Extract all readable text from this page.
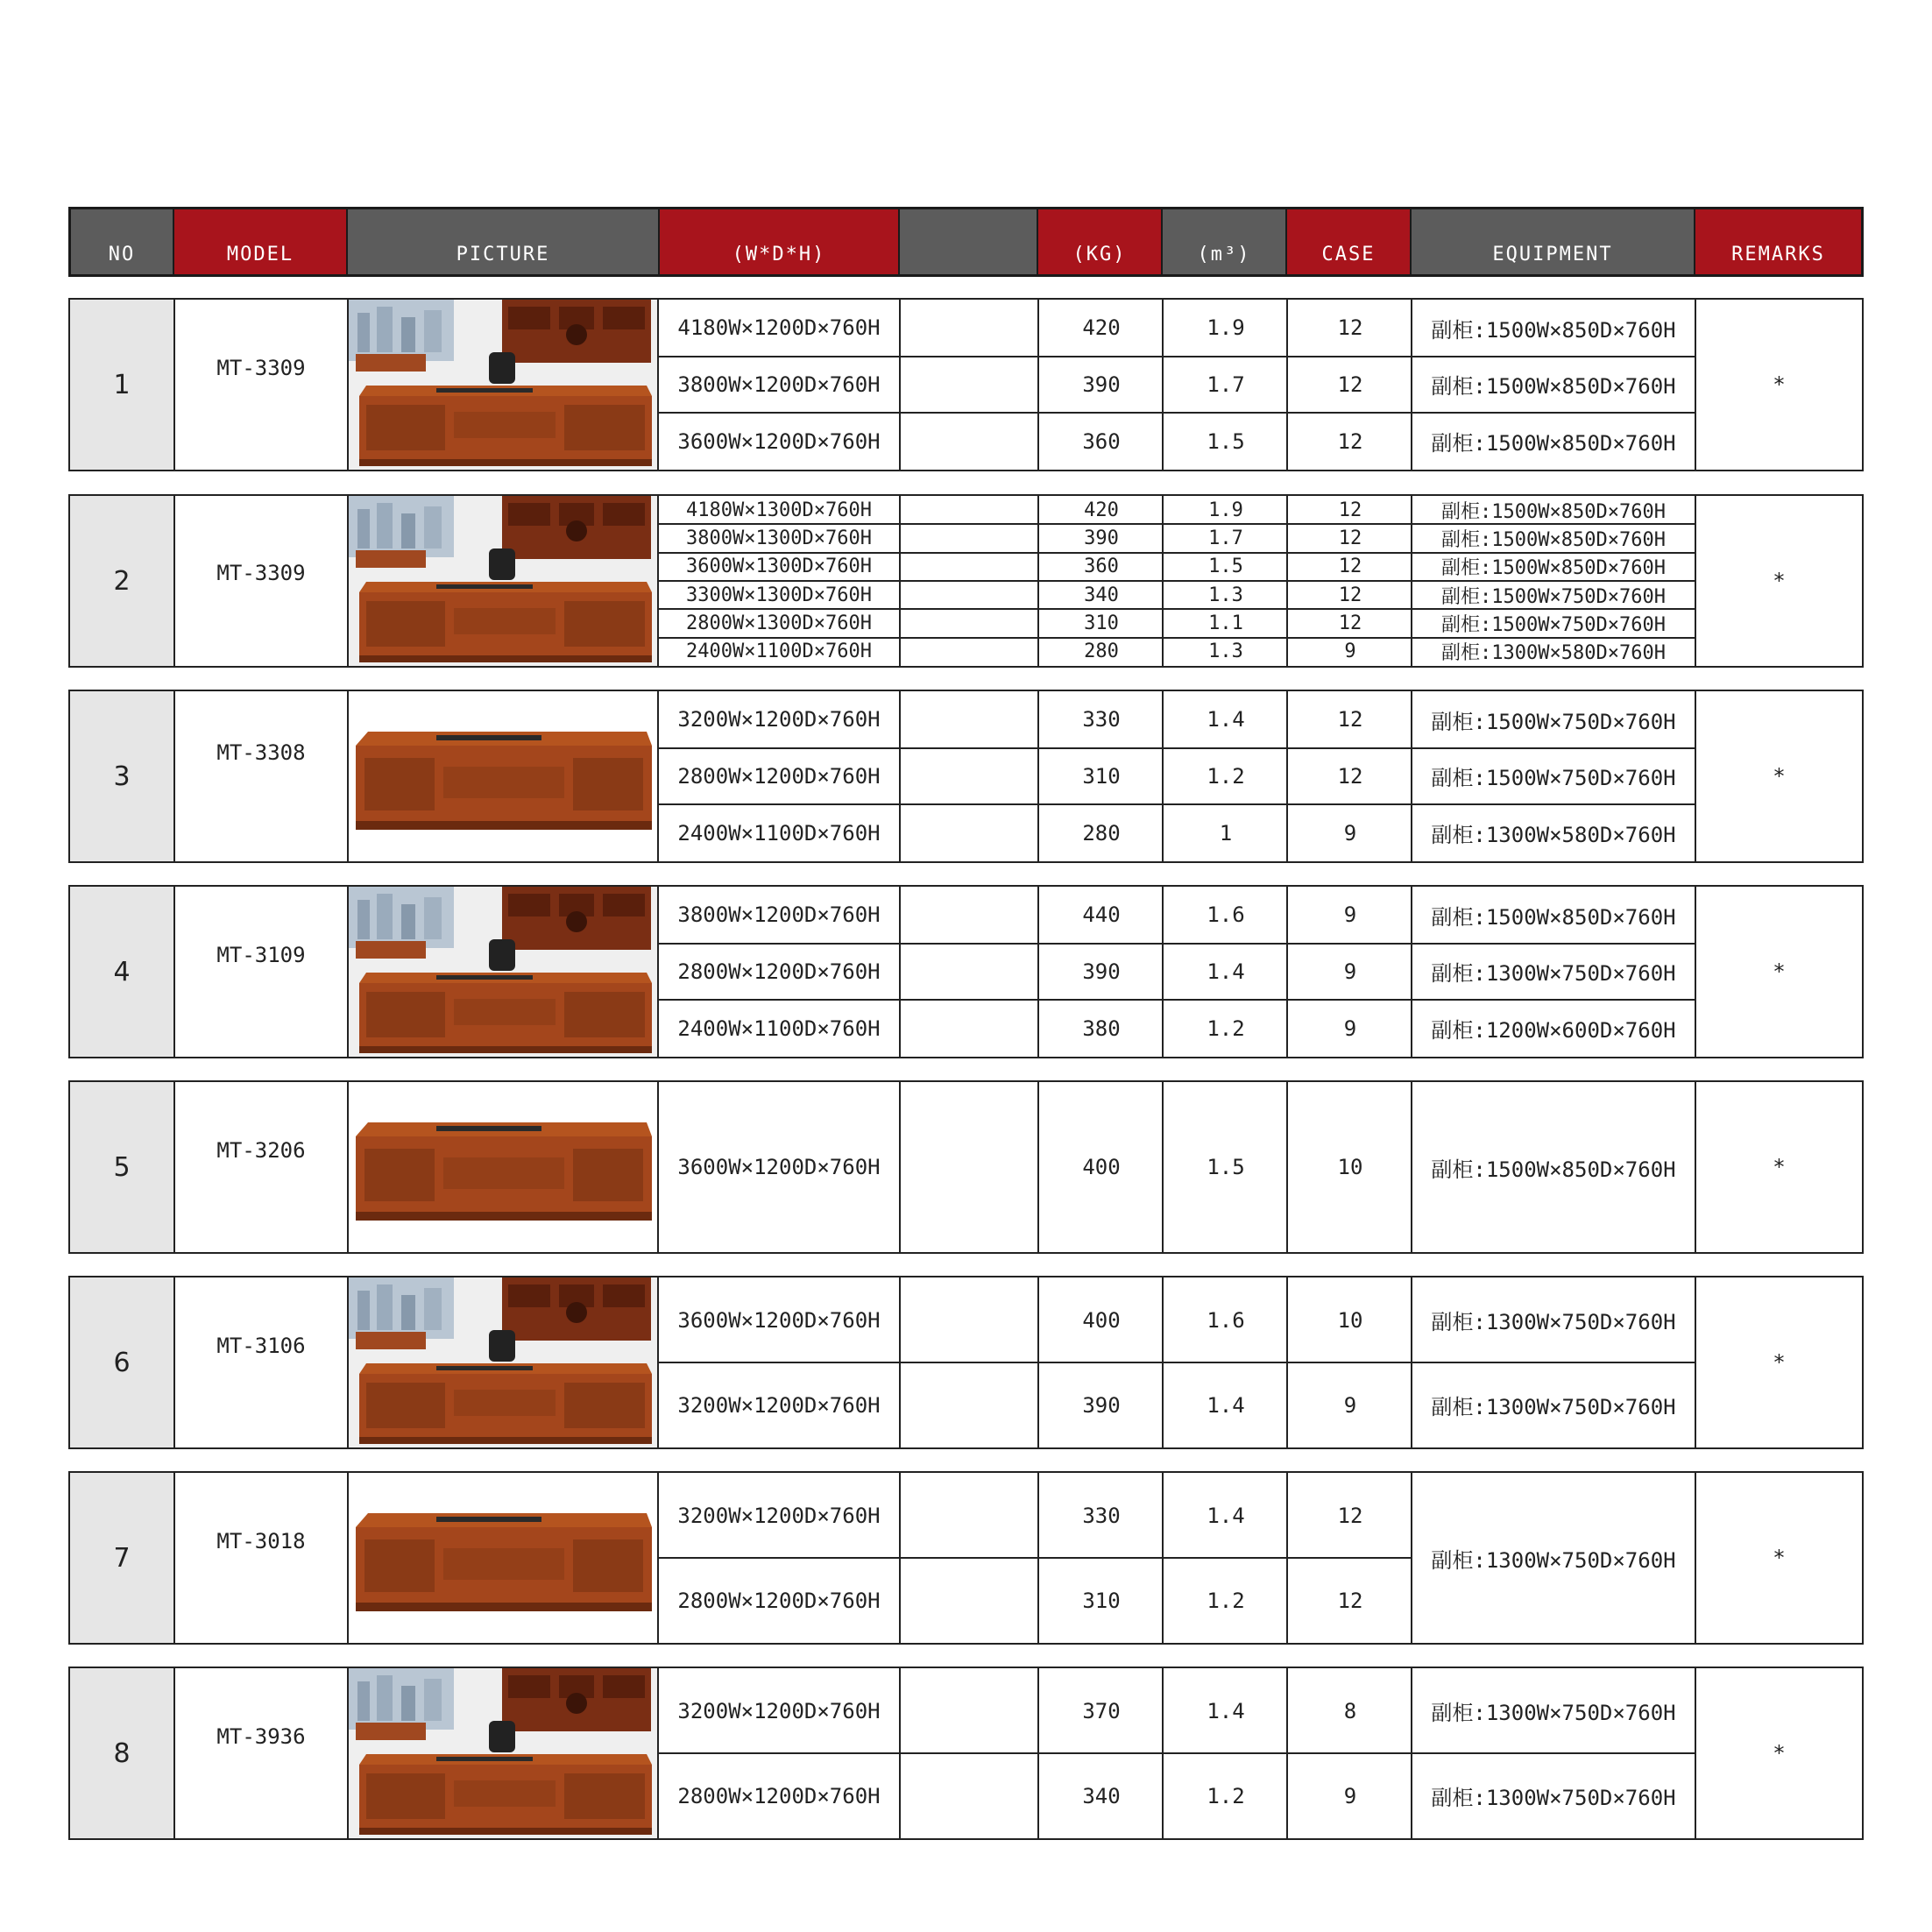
NO	MODEL	PICTURE	(W*D*H)	(KG)	(m³)	CASE	EQUIPMENT	REMARKS
1
MT-3309
4180W×1200D×760H	420	1.9	12	副柜:1500W×850D×760H
3800W×1200D×760H	390	1.7	12	副柜:1500W×850D×760H
3600W×1200D×760H	360	1.5	12	副柜:1500W×850D×760H
*
2	MT-3309
4180W×1300D×760H	420	1.9	12	副柜:1500W×850D×760H
3800W×1300D×760H	390	1.7	12	副柜:1500W×850D×760H
3600W×1300D×760H	360	1.5	12	副柜:1500W×850D×760H
3300W×1300D×760H	340	1.3	12	副柜:1500W×750D×760H
2800W×1300D×760H	310	1.1	12	副柜:1500W×750D×760H
2400W×1100D×760H	280	1.3	9	副柜:1300W×580D×760H
*
3
MT-3308
3200W×1200D×760H	330	1.4	12	副柜:1500W×750D×760H
2800W×1200D×760H	310	1.2	12	副柜:1500W×750D×760H
2400W×1100D×760H	280	1	9	副柜:1300W×580D×760H
*
4
MT-3109
3800W×1200D×760H	440	1.6	9	副柜:1500W×850D×760H
2800W×1200D×760H	390	1.4	9	副柜:1300W×750D×760H
2400W×1100D×760H	380	1.2	9	副柜:1200W×600D×760H
*
5
MT-3206
3600W×1200D×760H	400	1.5	10	副柜:1500W×850D×760H	*
6
MT-3106
3600W×1200D×760H	400	1.6	10	副柜:1300W×750D×760H
3200W×1200D×760H	390	1.4	9	副柜:1300W×750D×760H
*
7
MT-3018
3200W×1200D×760H	330	1.4	12
2800W×1200D×760H	310	1.2	12
副柜:1300W×750D×760H	*
8
MT-3936
3200W×1200D×760H	370	1.4	8	副柜:1300W×750D×760H
2800W×1200D×760H	340	1.2	9	副柜:1300W×750D×760H
*
